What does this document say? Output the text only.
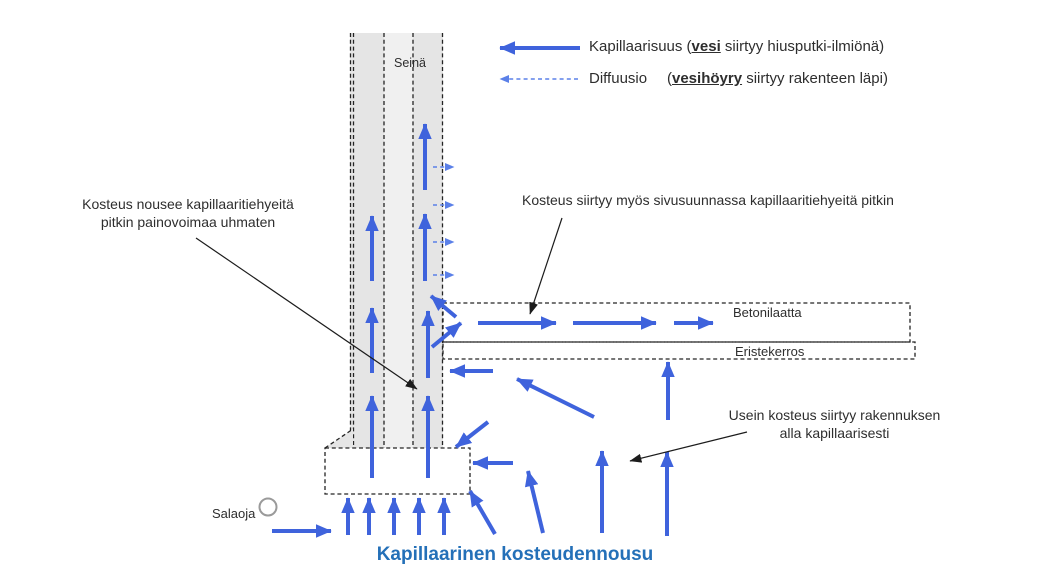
Kapillaarisuus (vesi siirtyy hiusputki-ilmiönä)
Diffuusio (vesihöyry siirtyy rakenteen läpi)
Seinä
Betonilaatta
Eristekerros
Salaoja
Kosteus nousee kapillaaritiehyeitä
pitkin painovoimaa uhmaten
Kosteus siirtyy myös sivusuunnassa kapillaaritiehyeitä pitkin
Usein kosteus siirtyy rakennuksen
alla kapillaarisesti
Kapillaarinen kosteudennousu
